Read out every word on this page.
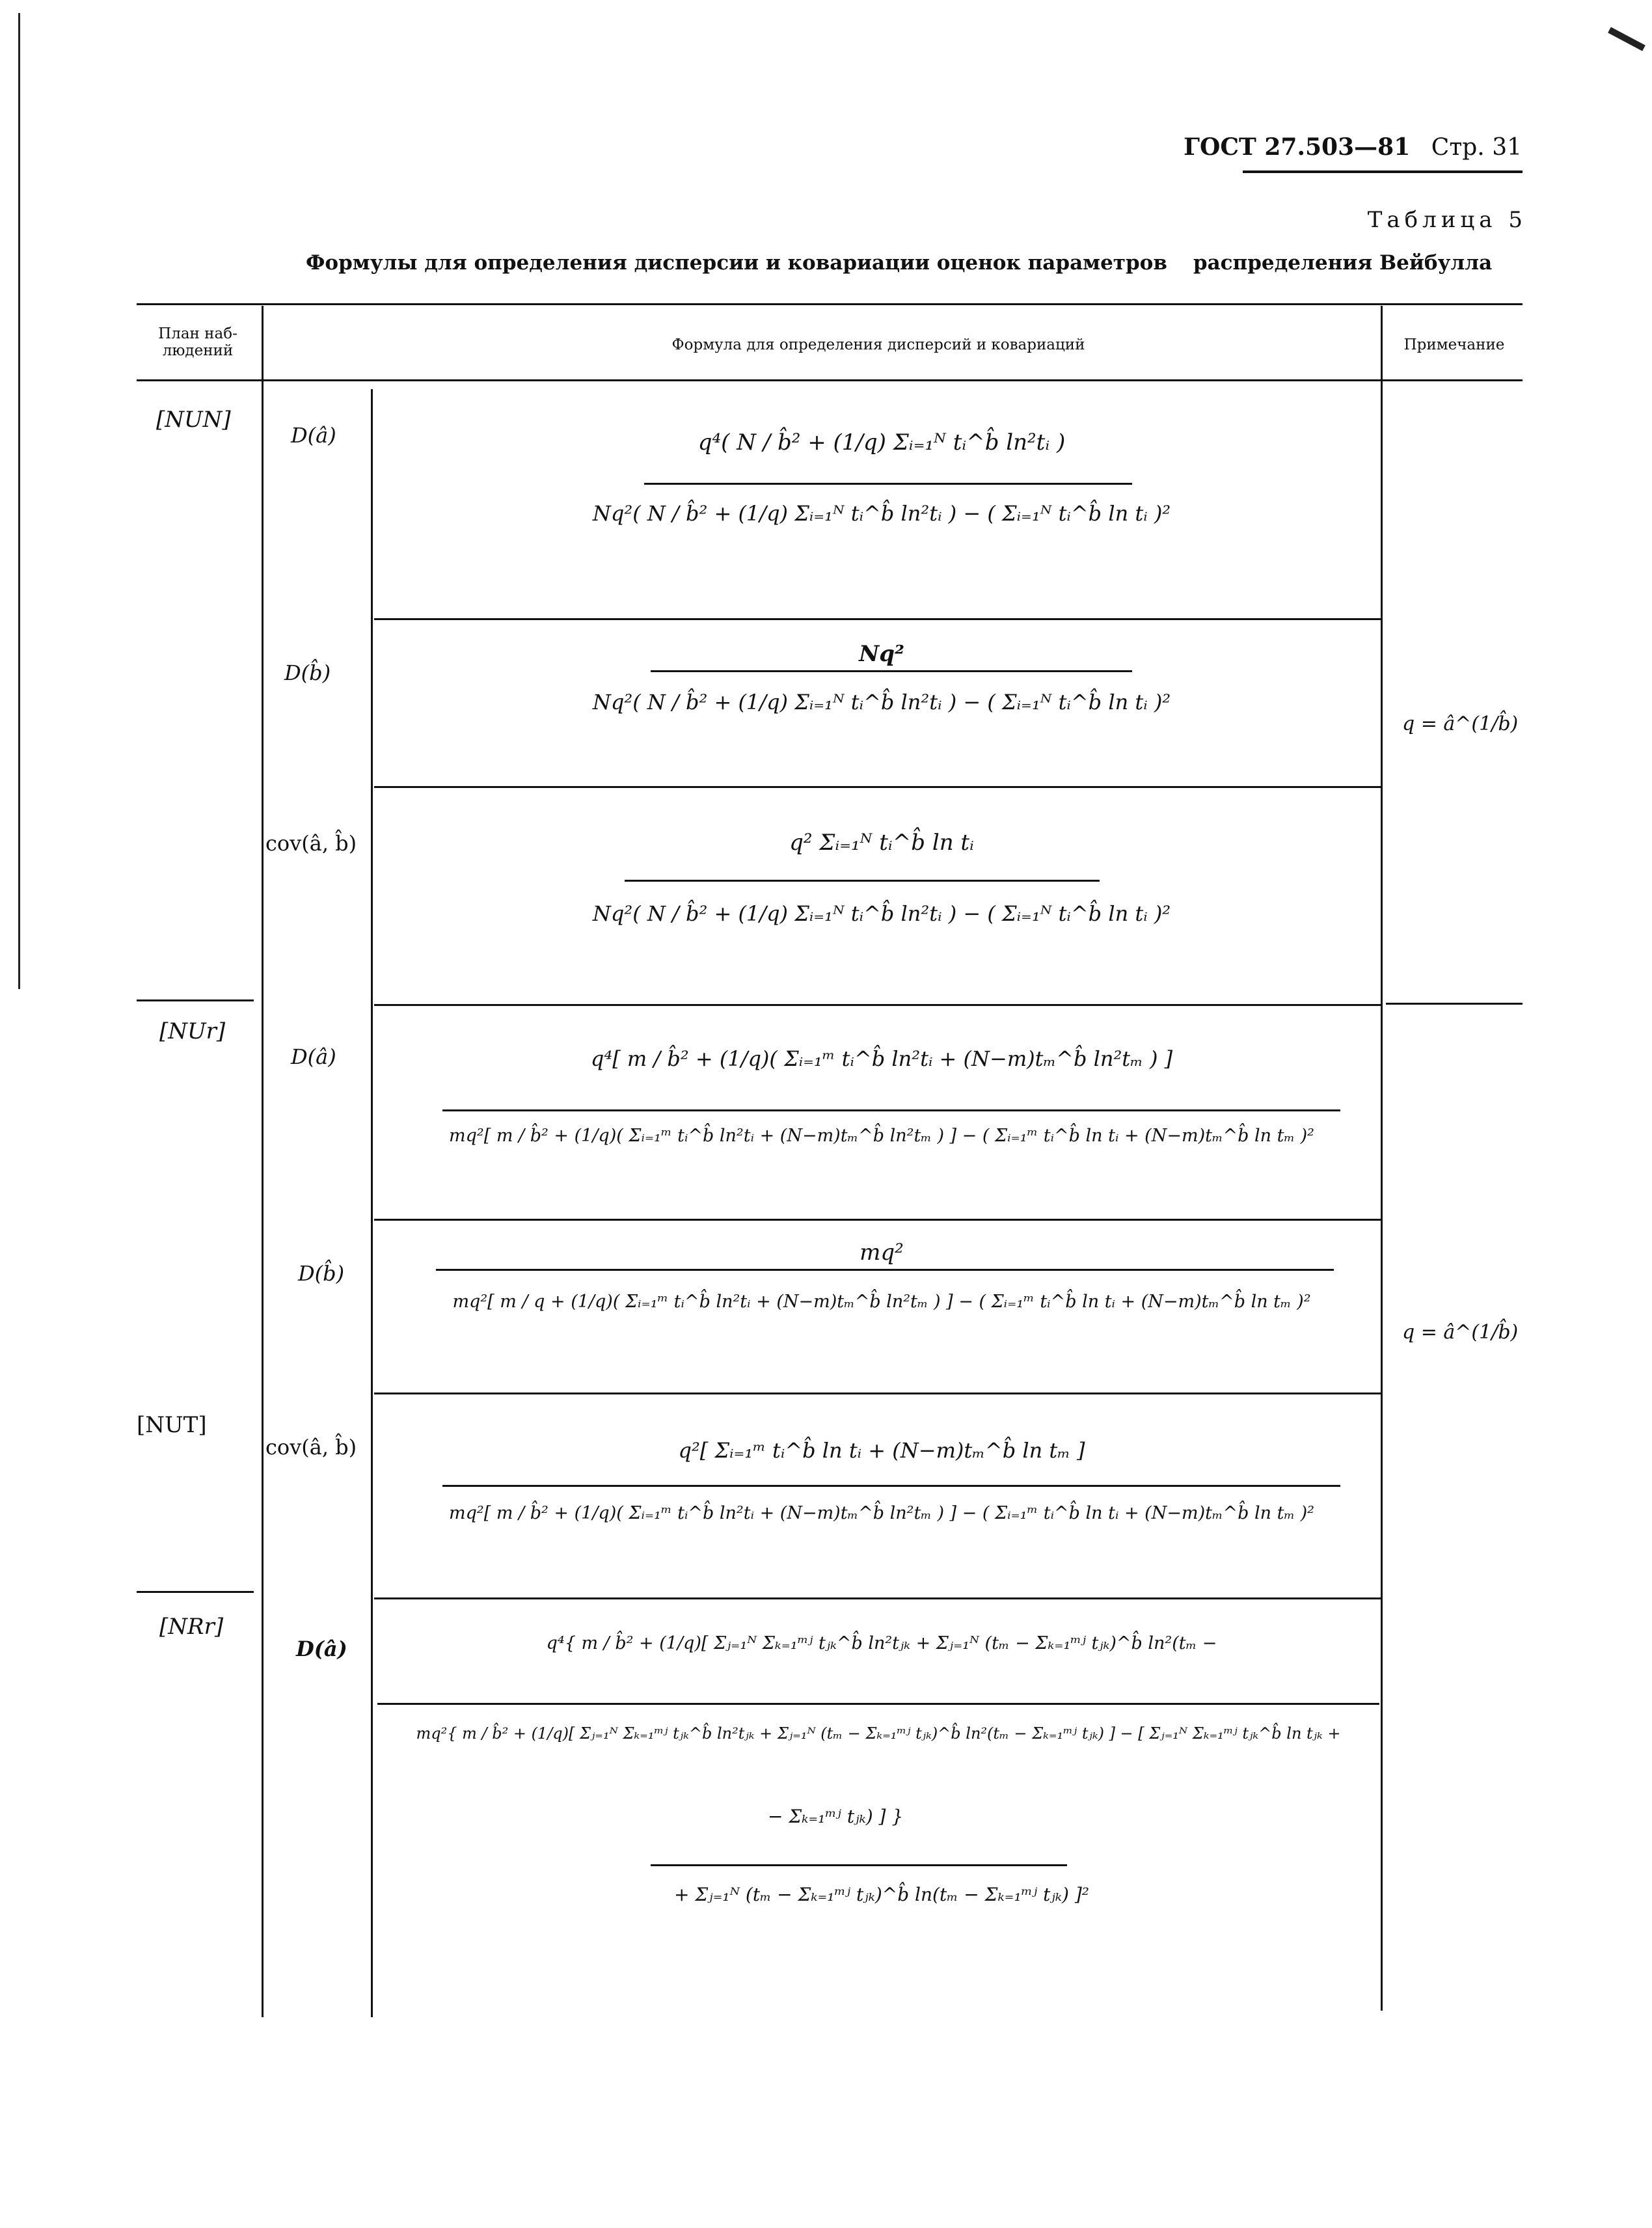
ГОСТ 27.503—81 Стр. 31
Таблица 5
Формулы для определения дисперсии и ковариации оценок параметров распределения Вейбулла
План наб-
людений	Формула для определения дисперсий и ковариаций	Примечание
[NUN]
[NUr]
[NUT]
[NRr]
D(â)
D(b̂)
cov(â, b̂)
D(â)
D(b̂)
cov(â, b̂)
D(â)
q = â^(1/b̂)
q = â^(1/b̂)
q⁴( N / b̂² + (1/q) Σᵢ₌₁ᴺ tᵢ^b̂ ln²tᵢ )
Nq²( N / b̂² + (1/q) Σᵢ₌₁ᴺ tᵢ^b̂ ln²tᵢ ) − ( Σᵢ₌₁ᴺ tᵢ^b̂ ln tᵢ )²
Nq²
Nq²( N / b̂² + (1/q) Σᵢ₌₁ᴺ tᵢ^b̂ ln²tᵢ ) − ( Σᵢ₌₁ᴺ tᵢ^b̂ ln tᵢ )²
q² Σᵢ₌₁ᴺ tᵢ^b̂ ln tᵢ
Nq²( N / b̂² + (1/q) Σᵢ₌₁ᴺ tᵢ^b̂ ln²tᵢ ) − ( Σᵢ₌₁ᴺ tᵢ^b̂ ln tᵢ )²
q⁴[ m / b̂² + (1/q)( Σᵢ₌₁ᵐ tᵢ^b̂ ln²tᵢ + (N−m)tₘ^b̂ ln²tₘ ) ]
mq²[ m / b̂² + (1/q)( Σᵢ₌₁ᵐ tᵢ^b̂ ln²tᵢ + (N−m)tₘ^b̂ ln²tₘ ) ] − ( Σᵢ₌₁ᵐ tᵢ^b̂ ln tᵢ + (N−m)tₘ^b̂ ln tₘ )²
mq²
mq²[ m / q + (1/q)( Σᵢ₌₁ᵐ tᵢ^b̂ ln²tᵢ + (N−m)tₘ^b̂ ln²tₘ ) ] − ( Σᵢ₌₁ᵐ tᵢ^b̂ ln tᵢ + (N−m)tₘ^b̂ ln tₘ )²
q²[ Σᵢ₌₁ᵐ tᵢ^b̂ ln tᵢ + (N−m)tₘ^b̂ ln tₘ ]
mq²[ m / b̂² + (1/q)( Σᵢ₌₁ᵐ tᵢ^b̂ ln²tᵢ + (N−m)tₘ^b̂ ln²tₘ ) ] − ( Σᵢ₌₁ᵐ tᵢ^b̂ ln tᵢ + (N−m)tₘ^b̂ ln tₘ )²
q⁴{ m / b̂² + (1/q)[ Σⱼ₌₁ᴺ Σₖ₌₁ᵐʲ tⱼₖ^b̂ ln²tⱼₖ + Σⱼ₌₁ᴺ (tₘ − Σₖ₌₁ᵐʲ tⱼₖ)^b̂ ln²(tₘ −
mq²{ m / b̂² + (1/q)[ Σⱼ₌₁ᴺ Σₖ₌₁ᵐʲ tⱼₖ^b̂ ln²tⱼₖ + Σⱼ₌₁ᴺ (tₘ − Σₖ₌₁ᵐʲ tⱼₖ)^b̂ ln²(tₘ − Σₖ₌₁ᵐʲ tⱼₖ) ] − [ Σⱼ₌₁ᴺ Σₖ₌₁ᵐʲ tⱼₖ^b̂ ln tⱼₖ +
− Σₖ₌₁ᵐʲ tⱼₖ) ] }
+ Σⱼ₌₁ᴺ (tₘ − Σₖ₌₁ᵐʲ tⱼₖ)^b̂ ln(tₘ − Σₖ₌₁ᵐʲ tⱼₖ) ]²
